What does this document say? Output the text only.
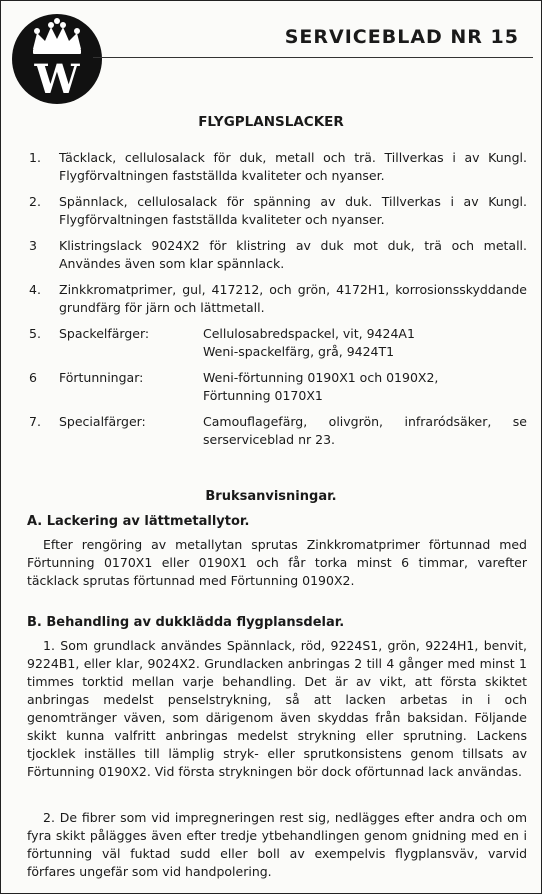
W
SERVICEBLAD NR 15
FLYGPLANSLACKER
1.	Täcklack, cellulosalack för duk, metall och trä. Tillverkas i av Kungl. Flygförvaltningen fastställda kvaliteter och nyanser.
2.	Spännlack, cellulosalack för spänning av duk. Tillverkas i av Kungl. Flygförvaltningen fastställda kvaliteter och nyanser.
3	Klistringslack 9024X2 för klistring av duk mot duk, trä och metall. Användes även som klar spännlack.
4.	Zinkkromatprimer, gul, 417212, och grön, 4172H1, korrosionsskyddande grundfärg för järn och lättmetall.
5.	Spackelfärger:	Cellulosabredspackel, vit, 9424A1
Weni-spackelfärg, grå, 9424T1
6	Förtunningar:	Weni-förtunning 0190X1 och 0190X2,
Förtunning 0170X1
7.	Specialfärger:	Camouflagefärg, olivgrön, infraródsäker, se serserviceblad nr 23.
Bruksanvisningar.
A. Lackering av lättmetallytor.
Efter rengöring av metallytan sprutas Zinkkromatprimer förtunnad med Förtunning 0170X1 eller 0190X1 och får torka minst 6 timmar, varefter täcklack sprutas förtunnad med Förtunning 0190X2.
B. Behandling av dukklädda flygplansdelar.
1. Som grundlack användes Spännlack, röd, 9224S1, grön, 9224H1, benvit, 9224B1, eller klar, 9024X2. Grundlacken anbringas 2 till 4 gånger med minst 1 timmes torktid mellan varje behandling. Det är av vikt, att första skiktet anbringas medelst penselstrykning, så att lacken arbetas in i och genomtränger väven, som därigenom även skyddas från baksidan. Följande skikt kunna valfritt anbringas medelst strykning eller sprutning. Lackens tjocklek inställes till lämplig stryk- eller sprutkonsistens genom tillsats av Förtunning 0190X2. Vid första strykningen bör dock oförtunnad lack användas.
2. De fibrer som vid impregneringen rest sig, nedlägges efter andra och om fyra skikt pålägges även efter tredje ytbehandlingen genom gnidning med en i förtunning väl fuktad sudd eller boll av exempelvis flygplansväv, varvid förfares ungefär som vid handpolering.
